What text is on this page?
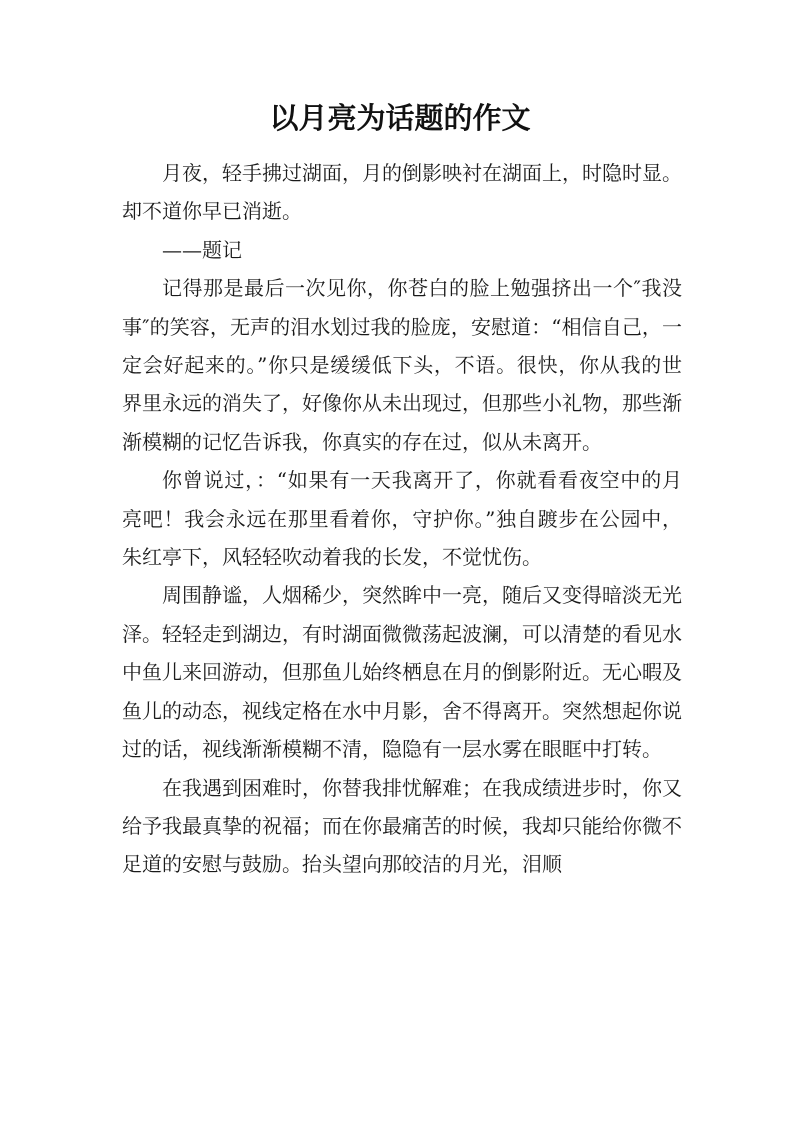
以月亮为话题的作文

月夜，轻手拂过湖面，月的倒影映衬在湖面上，时隐时显。却不道你早已消逝。

——题记

记得那是最后一次见你，你苍白的脸上勉强挤出一个″我没事″的笑容，无声的泪水划过我的脸庞，安慰道：“相信自己，一定会好起来的。”你只是缓缓低下头，不语。很快，你从我的世界里永远的消失了，好像你从未出现过，但那些小礼物，那些渐渐模糊的记忆告诉我，你真实的存在过，似从未离开。

你曾说过，：“如果有一天我离开了，你就看看夜空中的月亮吧！我会永远在那里看着你，守护你。”独自踱步在公园中，朱红亭下，风轻轻吹动着我的长发，不觉忧伤。

周围静谧，人烟稀少，突然眸中一亮，随后又变得暗淡无光泽。轻轻走到湖边，有时湖面微微荡起波澜，可以清楚的看见水中鱼儿来回游动，但那鱼儿始终栖息在月的倒影附近。无心暇及鱼儿的动态，视线定格在水中月影，舍不得离开。突然想起你说过的话，视线渐渐模糊不清，隐隐有一层水雾在眼眶中打转。

在我遇到困难时，你替我排忧解难；在我成绩进步时，你又给予我最真挚的祝福；而在你最痛苦的时候，我却只能给你微不足道的安慰与鼓励。抬头望向那皎洁的月光，泪顺
